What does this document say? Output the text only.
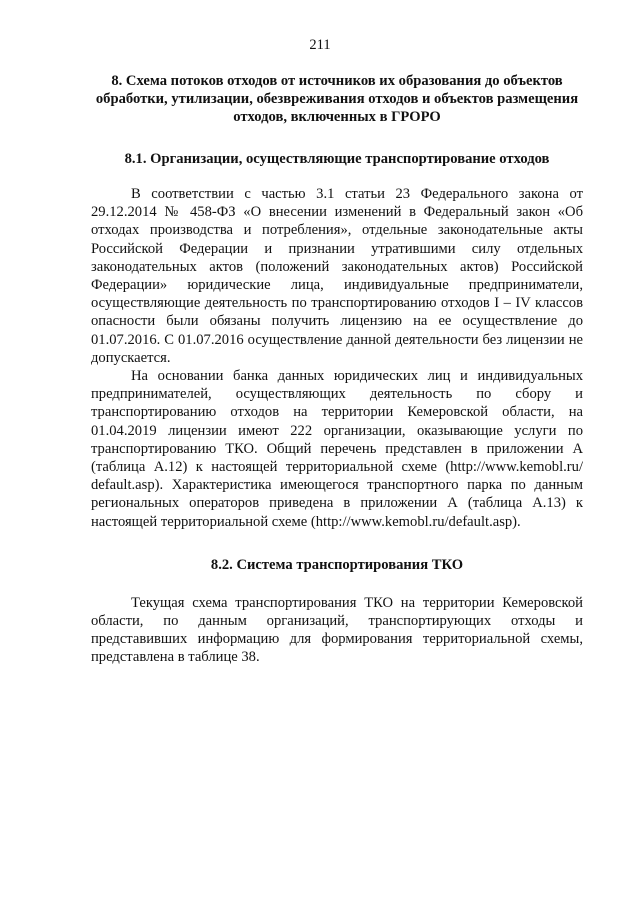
211
8. Схема потоков отходов от источников их образования до объектов обработки, утилизации, обезвреживания отходов и объектов размещения отходов, включенных в ГРОРО
8.1. Организации, осуществляющие транспортирование отходов

В соответствии с частью 3.1 статьи 23 Федерального закона от 29.12.2014 № 458-ФЗ «О внесении изменений в Федеральный закон «Об отходах производства и потребления», отдельные законодательные акты Российской Федерации и признании утратившими силу отдельных законодательных актов (положений законодательных актов) Российской Федерации» юридические лица, индивидуальные предприниматели, осуществляющие деятельность по транспортированию отходов I – IV классов опасности были обязаны получить лицензию на ее осуществление до 01.07.2016. С 01.07.2016 осуществление данной деятельности без лицензии не допускается.

На основании банка данных юридических лиц и индивидуальных предпринимателей, осуществляющих деятельность по сбору и транспортированию отходов на территории Кемеровской области, на 01.04.2019 лицензии имеют 222 организации, оказывающие услуги по транспортированию ТКО. Общий перечень представлен в приложении А (таблица А.12) к настоящей территориальной схеме (http://www.kemobl.ru/ default.asp). Характеристика имеющегося транспортного парка по данным региональных операторов приведена в приложении А (таблица А.13) к настоящей территориальной схеме (http://www.kemobl.ru/default.asp).

8.2. Система транспортирования ТКО

Текущая схема транспортирования ТКО на территории Кемеровской области, по данным организаций, транспортирующих отходы и представивших информацию для формирования территориальной схемы, представлена в таблице 38.
